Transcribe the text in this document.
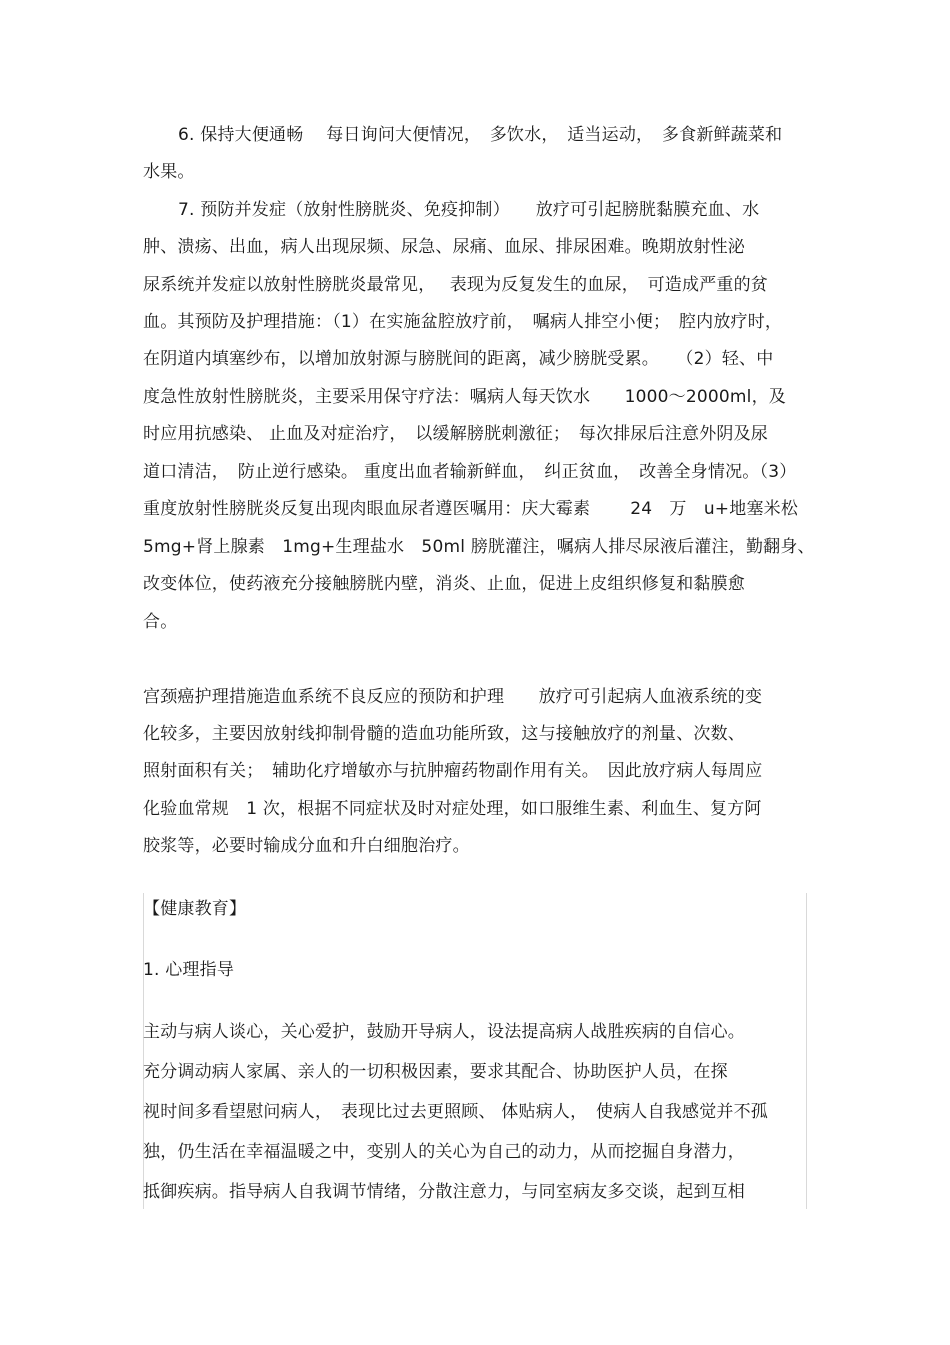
6. 保持大便通畅　 每日询问大便情况，　多饮水，　适当运动，　多食新鲜蔬菜和
水果。
7. 预防并发症（放射性膀胱炎、免疫抑制）　　放疗可引起膀胱黏膜充血、水
肿、溃疡、出血，病人出现尿频、尿急、尿痛、血尿、排尿困难。晚期放射性泌
尿系统并发症以放射性膀胱炎最常见，　 表现为反复发生的血尿，　可造成严重的贫
血。其预防及护理措施：（1）在实施盆腔放疗前，　嘱病人排空小便；　腔内放疗时，
在阴道内填塞纱布，以增加放射源与膀胱间的距离，减少膀胱受累。　　（2）轻、中
度急性放射性膀胱炎，主要采用保守疗法：嘱病人每天饮水　　1000～2000ml，及
时应用抗感染、 止血及对症治疗，　以缓解膀胱刺激征；　每次排尿后注意外阴及尿
道口清洁，　防止逆行感染。 重度出血者输新鲜血，　纠正贫血，　改善全身情况。（3）
重度放射性膀胱炎反复出现肉眼血尿者遵医嘱用：庆大霉素　　 24　万　u+地塞米松
5mg+肾上腺素　1mg+生理盐水　50ml 膀胱灌注，嘱病人排尽尿液后灌注，勤翻身、
改变体位，使药液充分接触膀胱内壁，消炎、止血，促进上皮组织修复和黏膜愈
合。
宫颈癌护理措施造血系统不良反应的预防和护理　　放疗可引起病人血液系统的变
化较多，主要因放射线抑制骨髓的造血功能所致，这与接触放疗的剂量、次数、
照射面积有关；　辅助化疗增敏亦与抗肿瘤药物副作用有关。　因此放疗病人每周应
化验血常规　1 次，根据不同症状及时对症处理，如口服维生素、利血生、复方阿
胶浆等，必要时输成分血和升白细胞治疗。
【健康教育】
1. 心理指导
主动与病人谈心，关心爱护，鼓励开导病人，设法提高病人战胜疾病的自信心。
充分调动病人家属、亲人的一切积极因素，要求其配合、协助医护人员，在探
视时间多看望慰问病人，　表现比过去更照顾、 体贴病人，　使病人自我感觉并不孤
独，仍生活在幸福温暖之中，变别人的关心为自己的动力，从而挖掘自身潜力，
抵御疾病。指导病人自我调节情绪，分散注意力，与同室病友多交谈，起到互相
